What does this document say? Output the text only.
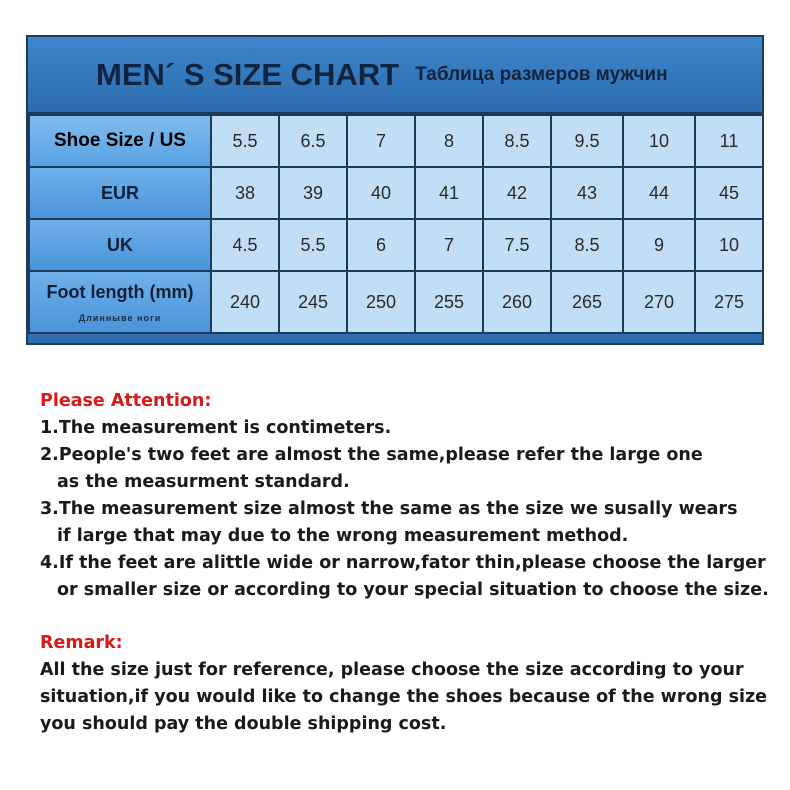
MEN´ S SIZE CHART Таблица размеров мужчин
Shoe Size / US	5.5	6.5	7	8	8.5	9.5	10	11
EUR	38	39	40	41	42	43	44	45
UK	4.5	5.5	6	7	7.5	8.5	9	10
Foot length (mm)
Длиннывe ноги	240	245	250	255	260	265	270	275
Please Attention:
1.The measurement is contimeters.
2.People's two feet are almost the same,please refer the large one
as the measurment standard.
3.The measurement size almost the same as the size we susally wears
if large that may due to the wrong measurement method.
4.If the feet are alittle wide or narrow,fator thin,please choose the larger
or smaller size or according to your special situation to choose the size.
Remark:
All the size just for reference, please choose the size according to your
situation,if you would like to change the shoes because of the wrong size
you should pay the double shipping cost.
